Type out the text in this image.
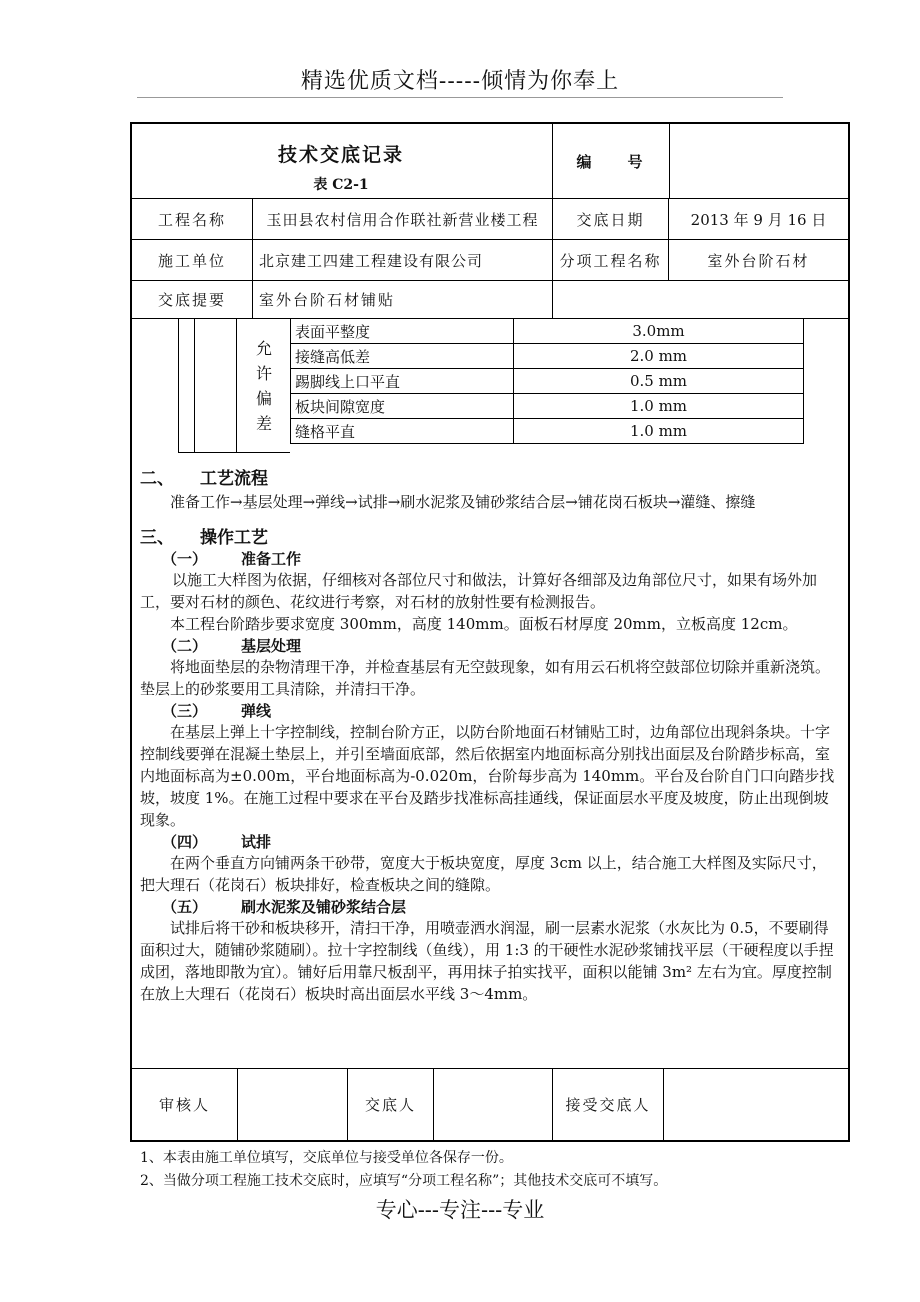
精选优质文档-----倾情为你奉上
技术交底记录
表 C2-1
编　　号
工程名称	玉田县农村信用合作联社新营业楼工程	交底日期	2013 年 9 月 16 日
施工单位	北京建工四建工程建设有限公司	分项工程名称	室外台阶石材
交底提要	室外台阶石材铺贴
允
许
偏
差
表面平整度	3.0mm
接缝高低差	2.0 mm
踢脚线上口平直	0.5 mm
板块间隙宽度	1.0 mm
缝格平直	1.0 mm
二、 工艺流程

准备工作→基层处理→弹线→试排→刷水泥浆及铺砂浆结合层→铺花岗石板块→灌缝、擦缝

三、 操作工艺
（一） 准备工作

以施工大样图为依据，仔细核对各部位尺寸和做法，计算好各细部及边角部位尺寸，如果有场外加工，要对石材的颜色、花纹进行考察，对石材的放射性要有检测报告。

本工程台阶踏步要求宽度 300mm，高度 140mm。面板石材厚度 20mm，立板高度 12cm。

（二） 基层处理

将地面垫层的杂物清理干净，并检查基层有无空鼓现象，如有用云石机将空鼓部位切除并重新浇筑。垫层上的砂浆要用工具清除，并清扫干净。

（三） 弹线

在基层上弹上十字控制线，控制台阶方正，以防台阶地面石材铺贴工时，边角部位出现斜条块。十字控制线要弹在混凝土垫层上，并引至墙面底部，然后依据室内地面标高分别找出面层及台阶踏步标高，室内地面标高为±0.00m，平台地面标高为-0.020m，台阶每步高为 140mm。平台及台阶自门口向踏步找坡，坡度 1%。在施工过程中要求在平台及踏步找准标高挂通线，保证面层水平度及坡度，防止出现倒坡现象。

（四） 试排

在两个垂直方向铺两条干砂带，宽度大于板块宽度，厚度 3cm 以上，结合施工大样图及实际尺寸，把大理石（花岗石）板块排好，检查板块之间的缝隙。

（五） 刷水泥浆及铺砂浆结合层

试排后将干砂和板块移开，清扫干净，用喷壶洒水润湿，刷一层素水泥浆（水灰比为 0.5，不要刷得面积过大，随铺砂浆随刷）。拉十字控制线（鱼线），用 1:3 的干硬性水泥砂浆铺找平层（干硬程度以手捏成团，落地即散为宜）。铺好后用靠尺板刮平，再用抹子拍实找平，面积以能铺 3m² 左右为宜。厚度控制在放上大理石（花岗石）板块时高出面层水平线 3～4mm。

审核人	交底人	接受交底人
1、本表由施工单位填写，交底单位与接受单位各保存一份。
2、当做分项工程施工技术交底时，应填写“分项工程名称”；其他技术交底可不填写。
专心---专注---专业
